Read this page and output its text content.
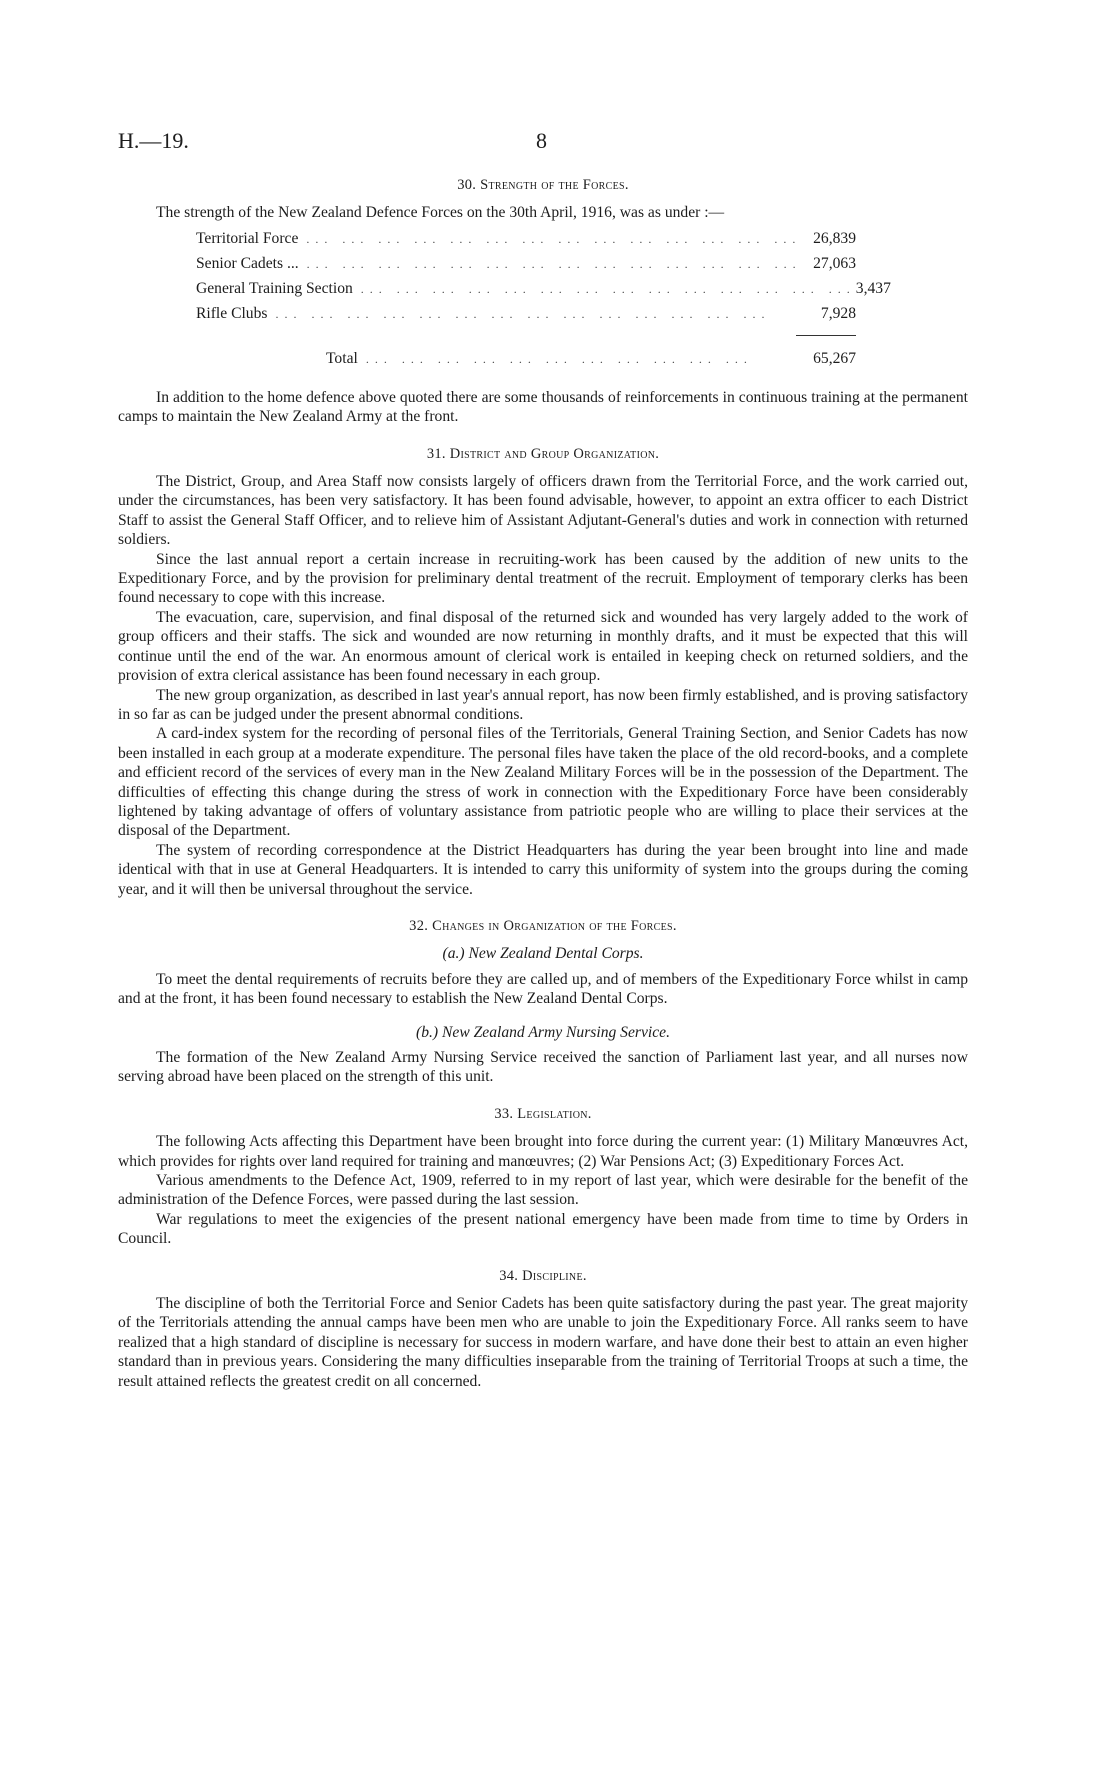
H.—19.	8
30. Strength of the Forces.

The strength of the New Zealand Defence Forces on the 30th April, 1916, was as under :—

Territorial Force ... ... ... ... ... ... ... ... ... ... ... ... ... ... 26,839
Senior Cadets ... ... ... ... ... ... ... ... ... ... ... ... ... ... ... 27,063
General Training Section ... ... ... ... ... ... ... ... ... ... ... ... ... ... 3,437
Rifle Clubs ... ... ... ... ... ... ... ... ... ... ... ... ... ...	7,928
Total ... ... ... ... ... ... ... ... ... ... ...	65,267

In addition to the home defence above quoted there are some thousands of reinforcements in continuous training at the permanent camps to maintain the New Zealand Army at the front.

31. District and Group Organization.

The District, Group, and Area Staff now consists largely of officers drawn from the Territorial Force, and the work carried out, under the circumstances, has been very satisfactory. It has been found advisable, however, to appoint an extra officer to each District Staff to assist the General Staff Officer, and to relieve him of Assistant Adjutant-General's duties and work in connection with returned soldiers.

Since the last annual report a certain increase in recruiting-work has been caused by the addition of new units to the Expeditionary Force, and by the provision for preliminary dental treatment of the recruit. Employment of temporary clerks has been found necessary to cope with this increase.

The evacuation, care, supervision, and final disposal of the returned sick and wounded has very largely added to the work of group officers and their staffs. The sick and wounded are now returning in monthly drafts, and it must be expected that this will continue until the end of the war. An enormous amount of clerical work is entailed in keeping check on returned soldiers, and the provision of extra clerical assistance has been found necessary in each group.

The new group organization, as described in last year's annual report, has now been firmly established, and is proving satisfactory in so far as can be judged under the present abnormal conditions.

A card-index system for the recording of personal files of the Territorials, General Training Section, and Senior Cadets has now been installed in each group at a moderate expenditure. The personal files have taken the place of the old record-books, and a complete and efficient record of the services of every man in the New Zealand Military Forces will be in the possession of the Department. The difficulties of effecting this change during the stress of work in connection with the Expeditionary Force have been considerably lightened by taking advantage of offers of voluntary assistance from patriotic people who are willing to place their services at the disposal of the Department.

The system of recording correspondence at the District Headquarters has during the year been brought into line and made identical with that in use at General Headquarters. It is intended to carry this uniformity of system into the groups during the coming year, and it will then be universal throughout the service.

32. Changes in Organization of the Forces.
(a.) New Zealand Dental Corps.

To meet the dental requirements of recruits before they are called up, and of members of the Expeditionary Force whilst in camp and at the front, it has been found necessary to establish the New Zealand Dental Corps.

(b.) New Zealand Army Nursing Service.

The formation of the New Zealand Army Nursing Service received the sanction of Parliament last year, and all nurses now serving abroad have been placed on the strength of this unit.

33. Legislation.

The following Acts affecting this Department have been brought into force during the current year: (1) Military Manœuvres Act, which provides for rights over land required for training and manœuvres; (2) War Pensions Act; (3) Expeditionary Forces Act.

Various amendments to the Defence Act, 1909, referred to in my report of last year, which were desirable for the benefit of the administration of the Defence Forces, were passed during the last session.

War regulations to meet the exigencies of the present national emergency have been made from time to time by Orders in Council.

34. Discipline.

The discipline of both the Territorial Force and Senior Cadets has been quite satisfactory during the past year. The great majority of the Territorials attending the annual camps have been men who are unable to join the Expeditionary Force. All ranks seem to have realized that a high standard of discipline is necessary for success in modern warfare, and have done their best to attain an even higher standard than in previous years. Considering the many difficulties inseparable from the training of Territorial Troops at such a time, the result attained reflects the greatest credit on all concerned.
